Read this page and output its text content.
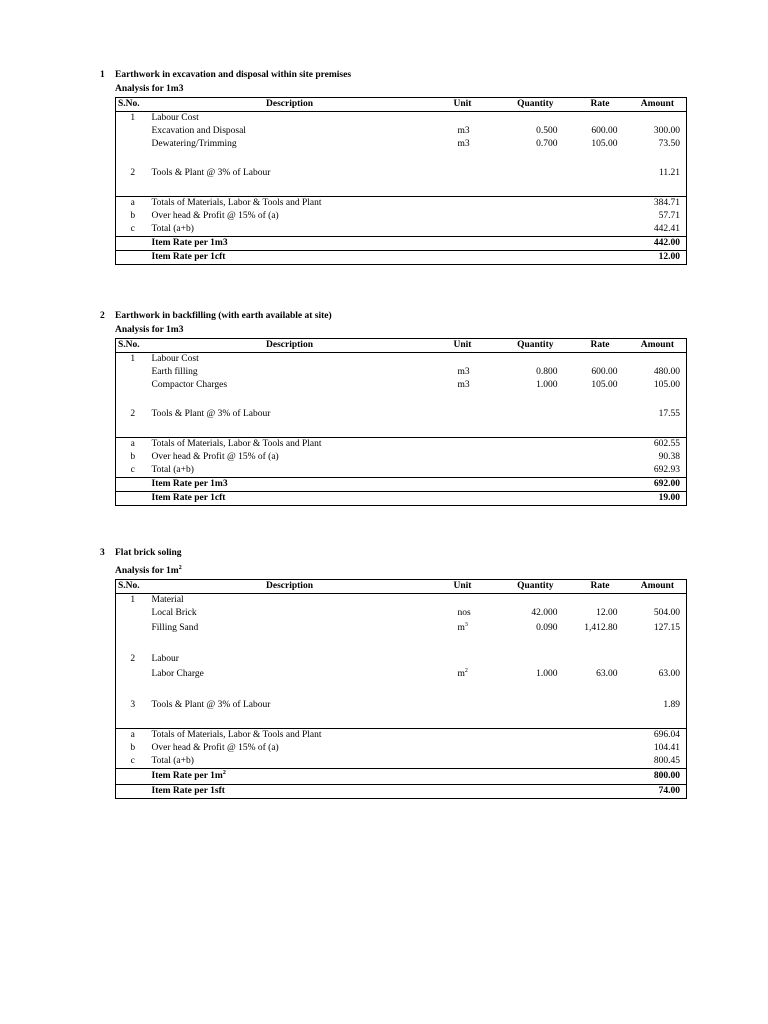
1 Earthwork in excavation and disposal within site premises
Analysis for 1m3
S.No.	Description	Unit	Quantity	Rate	Amount
1	Labour Cost				
	Excavation and Disposal	m3	0.500	600.00	300.00
	Dewatering/Trimming	m3	0.700	105.00	73.50

2	Tools & Plant @ 3% of Labour				11.21

a	Totals of Materials, Labor & Tools and Plant				384.71
b	Over head & Profit @ 15% of (a)				57.71
c	Total (a+b)				442.41
	Item Rate per 1m3				442.00
	Item Rate per 1cft				12.00
2 Earthwork in backfilling (with earth available at site)
Analysis for 1m3
S.No.	Description	Unit	Quantity	Rate	Amount
1	Labour Cost				
	Earth filling	m3	0.800	600.00	480.00
	Compactor Charges	m3	1.000	105.00	105.00

2	Tools & Plant @ 3% of Labour				17.55

a	Totals of Materials, Labor & Tools and Plant				602.55
b	Over head & Profit @ 15% of (a)				90.38
c	Total (a+b)				692.93
	Item Rate per 1m3				692.00
	Item Rate per 1cft				19.00
3 Flat brick soling
Analysis for $1m^2$
S.No.	Description	Unit	Quantity	Rate	Amount
1	Material				
	Local Brick	nos	42.000	12.00	504.00
	Filling Sand	$m^3$	0.090	1,412.80	127.15

2	Labour				
	Labor Charge	$m^2$	1.000	63.00	63.00

3	Tools & Plant @ 3% of Labour				1.89

a	Totals of Materials, Labor & Tools and Plant				696.04
b	Over head & Profit @ 15% of (a)				104.41
c	Total (a+b)				800.45
	Item Rate per $1m^2$				800.00
	Item Rate per 1sft				74.00
